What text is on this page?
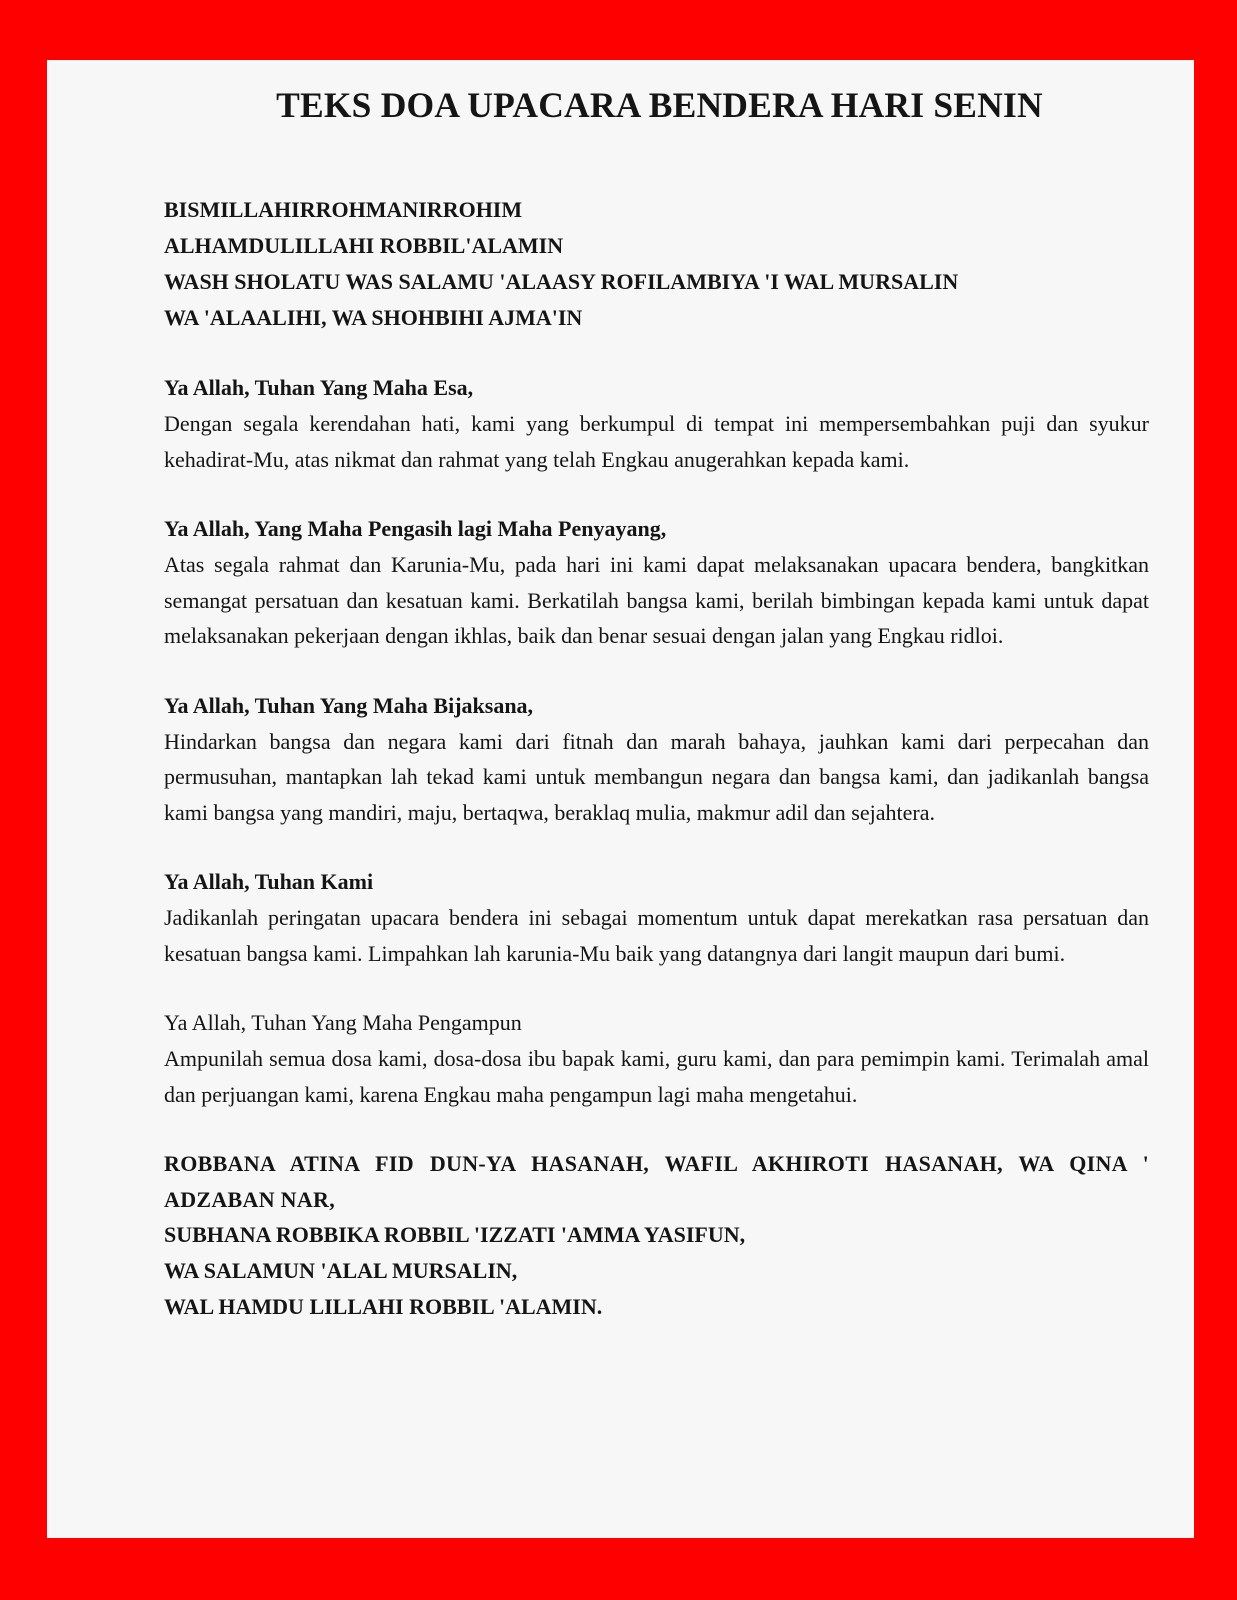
TEKS DOA UPACARA BENDERA HARI SENIN
BISMILLAHIRROHMANIRROHIM
ALHAMDULILLAHI ROBBIL'ALAMIN
WASH SHOLATU WAS SALAMU 'ALAASY ROFILAMBIYA 'I WAL MURSALIN
WA 'ALAALIHI, WA SHOHBIHI AJMA'IN
Ya Allah, Tuhan Yang Maha Esa,

Dengan segala kerendahan hati, kami yang berkumpul di tempat ini mempersembahkan puji dan syukur kehadirat-Mu, atas nikmat dan rahmat yang telah Engkau anugerahkan kepada kami.

Ya Allah, Yang Maha Pengasih lagi Maha Penyayang,

Atas segala rahmat dan Karunia-Mu, pada hari ini kami dapat melaksanakan upacara bendera, bangkitkan semangat persatuan dan kesatuan kami. Berkatilah bangsa kami, berilah bimbingan kepada kami untuk dapat melaksanakan pekerjaan dengan ikhlas, baik dan benar sesuai dengan jalan yang Engkau ridloi.

Ya Allah, Tuhan Yang Maha Bijaksana,

Hindarkan bangsa dan negara kami dari fitnah dan marah bahaya, jauhkan kami dari perpecahan dan permusuhan, mantapkan lah tekad kami untuk membangun negara dan bangsa kami, dan jadikanlah bangsa kami bangsa yang mandiri, maju, bertaqwa, beraklaq mulia, makmur adil dan sejahtera.

Ya Allah, Tuhan Kami

Jadikanlah peringatan upacara bendera ini sebagai momentum untuk dapat merekatkan rasa persatuan dan kesatuan bangsa kami. Limpahkan lah karunia-Mu baik yang datangnya dari langit maupun dari bumi.

Ya Allah, Tuhan Yang Maha Pengampun

Ampunilah semua dosa kami, dosa-dosa ibu bapak kami, guru kami, dan para pemimpin kami. Terimalah amal dan perjuangan kami, karena Engkau maha pengampun lagi maha mengetahui.

ROBBANA ATINA FID DUN-YA HASANAH, WAFIL AKHIROTI HASANAH, WA QINA ' ADZABAN NAR,

SUBHANA ROBBIKA ROBBIL 'IZZATI 'AMMA YASIFUN,
WA SALAMUN 'ALAL MURSALIN,
WAL HAMDU LILLAHI ROBBIL 'ALAMIN.
